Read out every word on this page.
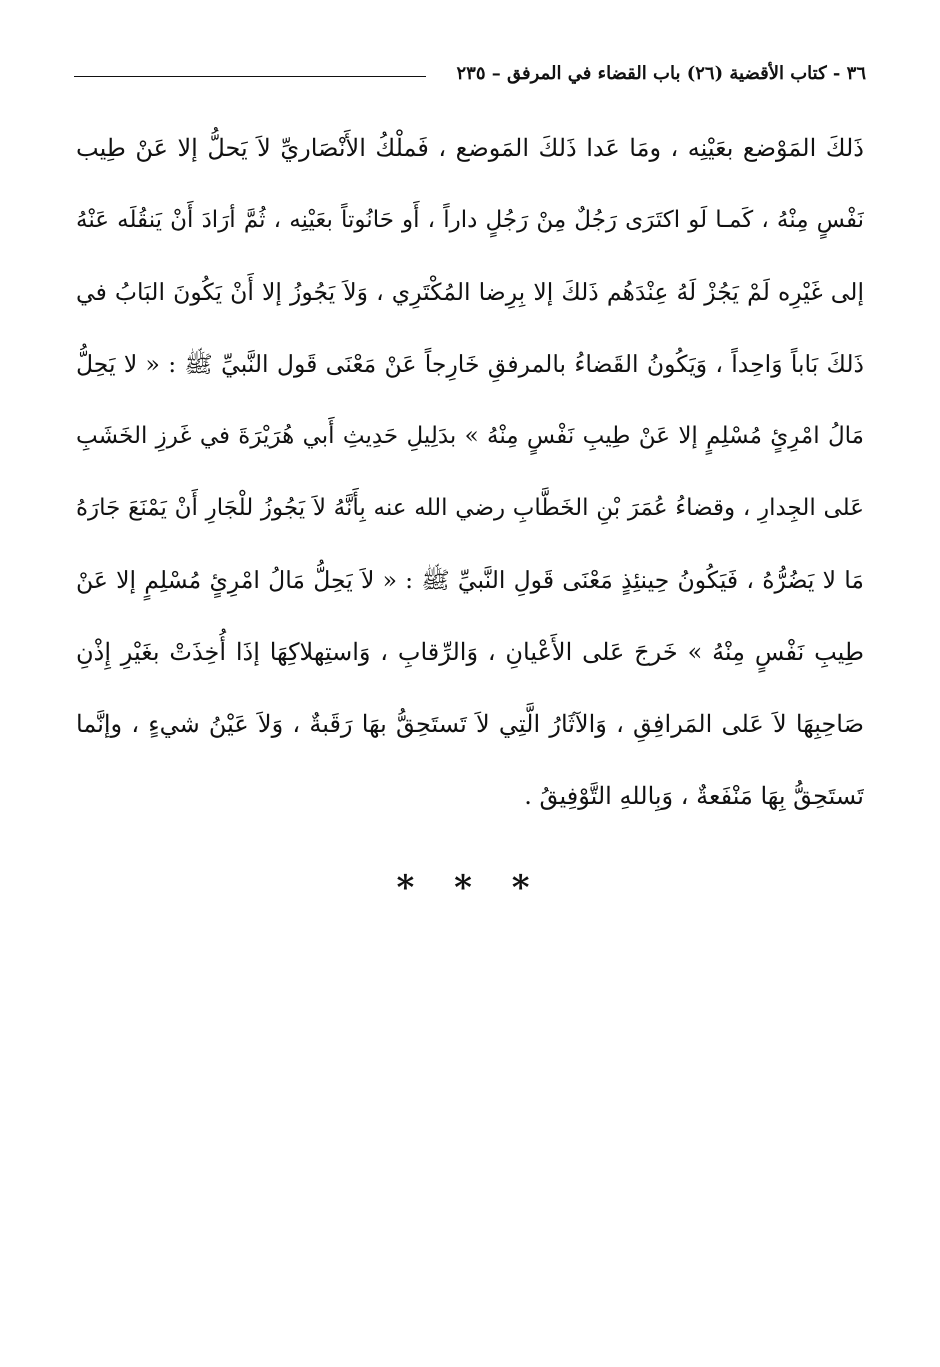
٣٦ - كتاب الأقضية (٢٦) باب القضاء في المرفق – ٢٣٥
ذَلكَ المَوْضع بعَيْنِه ، ومَا عَدا ذَلكَ المَوضع ، فَملْكُ الأَنْصَاريِّ لاَ يَحلُّ إلا عَنْ طِيب
نَفْسٍ مِنْهُ ، كَمـا لَو اكتَرَى رَجُلٌ مِنْ رَجُلٍ داراً ، أَو حَانُوتاً بعَيْنِه ، ثُمَّ أرَادَ أَنْ يَنقُلَه عَنْهُ
إلى غَيْرِه لَمْ يَجُزْ لَهُ عِنْدَهُم ذَلكَ إلا بِرِضا المُكْتَرِي ، وَلاَ يَجُوزُ إلا أَنْ يَكُونَ البَابُ في
ذَلكَ بَاباً وَاحِداً ، وَيَكُونُ القَضاءُ بالمرفقِ خَارِجاً عَنْ مَعْنَى قَول النَّبيِّ ﷺ : « لا يَحِلُّ
مَالُ امْرِئٍ مُسْلِمٍ إلا عَنْ طِيبِ نَفْسٍ مِنْهُ » بدَلِيلِ حَدِيثِ أَبي هُرَيْرَةَ في غَرزِ الخَشَبِ
عَلى الجِدارِ ، وقضاءُ عُمَرَ بْنِ الخَطَّابِ رضي الله عنه بِأَنَّهُ لاَ يَجُوزُ للْجَارِ أَنْ يَمْنَعَ جَارَهُ
مَا لا يَضُرُّهُ ، فَيَكُونُ حِينئِذٍ مَعْنَى قَولِ النَّبيِّ ﷺ : « لاَ يَحِلُّ مَالُ امْرِئٍ مُسْلِمٍ إلا عَنْ
طِيبِ نَفْسٍ مِنْهُ » خَرجَ عَلى الأَعْيانِ ، وَالرِّقابِ ، وَاستِهلاكِهَا إذَا أُخِذَتْ بغَيْرِ إِذْنِ
صَاحِبِهَا لاَ عَلى المَرافِقِ ، وَالآثَارُ الَّتِي لاَ تَستَحِقُّ بهَا رَقَبةٌ ، وَلاَ عَيْنُ شيءٍ ، وإنَّما
تَستَحِقُّ بِهَا مَنْفَعةٌ ، وَبِاللهِ التَّوْفِيقُ .
* * *
